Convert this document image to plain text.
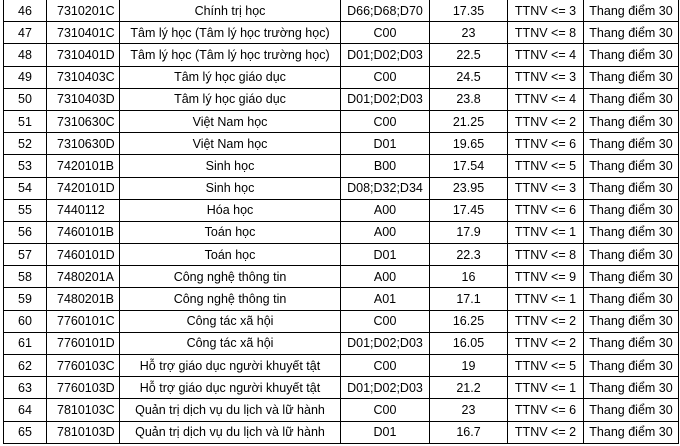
46	7310201C	Chính trị học	D66;D68;D70	17.35	TTNV <= 3	Thang điểm 30
47	7310401C	Tâm lý học (Tâm lý học trường học)	C00	23	TTNV <= 8	Thang điểm 30
48	7310401D	Tâm lý học (Tâm lý học trường học)	D01;D02;D03	22.5	TTNV <= 4	Thang điểm 30
49	7310403C	Tâm lý học giáo dục	C00	24.5	TTNV <= 3	Thang điểm 30
50	7310403D	Tâm lý học giáo dục	D01;D02;D03	23.8	TTNV <= 4	Thang điểm 30
51	7310630C	Việt Nam học	C00	21.25	TTNV <= 2	Thang điểm 30
52	7310630D	Việt Nam học	D01	19.65	TTNV <= 6	Thang điểm 30
53	7420101B	Sinh học	B00	17.54	TTNV <= 5	Thang điểm 30
54	7420101D	Sinh học	D08;D32;D34	23.95	TTNV <= 3	Thang điểm 30
55	7440112	Hóa học	A00	17.45	TTNV <= 6	Thang điểm 30
56	7460101B	Toán học	A00	17.9	TTNV <= 1	Thang điểm 30
57	7460101D	Toán học	D01	22.3	TTNV <= 8	Thang điểm 30
58	7480201A	Công nghệ thông tin	A00	16	TTNV <= 9	Thang điểm 30
59	7480201B	Công nghệ thông tin	A01	17.1	TTNV <= 1	Thang điểm 30
60	7760101C	Công tác xã hội	C00	16.25	TTNV <= 2	Thang điểm 30
61	7760101D	Công tác xã hội	D01;D02;D03	16.05	TTNV <= 2	Thang điểm 30
62	7760103C	Hỗ trợ giáo dục người khuyết tật	C00	19	TTNV <= 5	Thang điểm 30
63	7760103D	Hỗ trợ giáo dục người khuyết tật	D01;D02;D03	21.2	TTNV <= 1	Thang điểm 30
64	7810103C	Quản trị dịch vụ du lịch và lữ hành	C00	23	TTNV <= 6	Thang điểm 30
65	7810103D	Quản trị dịch vụ du lịch và lữ hành	D01	16.7	TTNV <= 2	Thang điểm 30
